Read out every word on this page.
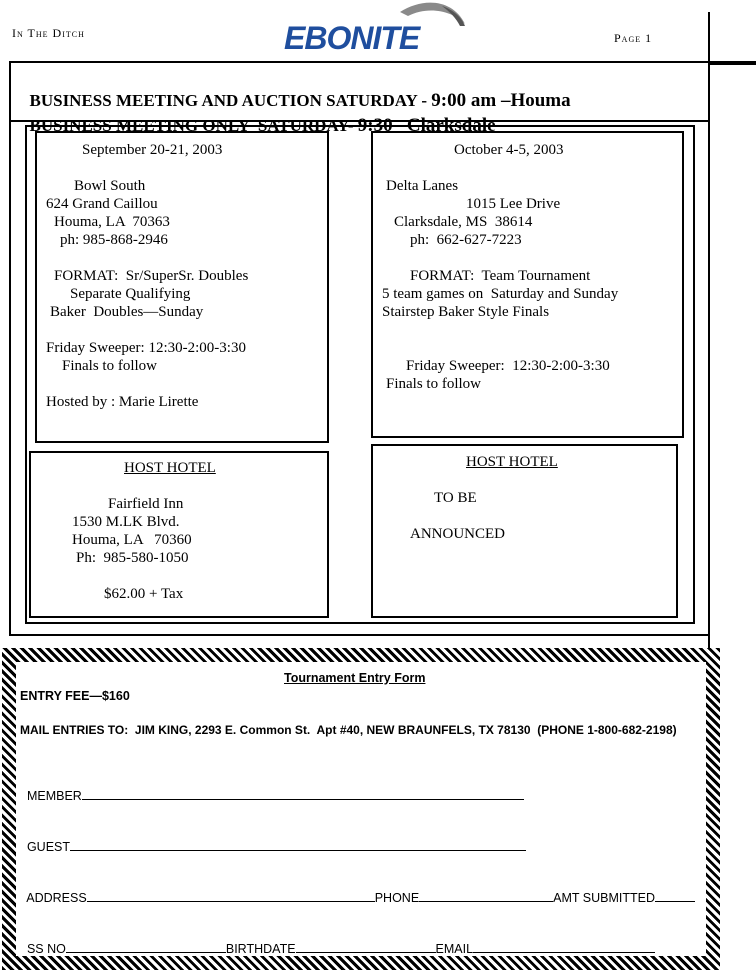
In The Ditch	EBONITE	Page 1

BUSINESS MEETING AND AUCTION SATURDAY - 9:00 am –Houma

BUSINESS MEETING ONLY  SATURDAY- 9:30 –Clarksdale

September 20-21, 2003
Bowl South
624 Grand Caillou
Houma, LA  70363
ph: 985-868-2946
FORMAT:  Sr/SuperSr. Doubles
Separate Qualifying
Baker  Doubles—Sunday
Friday Sweeper: 12:30-2:00-3:30
Finals to follow
Hosted by : Marie Lirette
October 4-5, 2003
Delta Lanes
1015 Lee Drive
Clarksdale, MS  38614
ph:  662-627-7223
FORMAT:  Team Tournament
5 team games on  Saturday and Sunday
Stairstep Baker Style Finals
Friday Sweeper:  12:30-2:00-3:30
Finals to follow
HOST HOTEL
Fairfield Inn
1530 M.LK Blvd.
Houma, LA   70360
Ph:  985-580-1050
$62.00 + Tax
HOST HOTEL
TO BE
ANNOUNCED
Tournament Entry Form
ENTRY FEE—$160
MAIL ENTRIES TO:  JIM KING, 2293 E. Common St.  Apt #40, NEW BRAUNFELS, TX 78130  (PHONE 1-800-682-2198)

MEMBER

GUEST

ADDRESS	PHONE	AMT SUBMITTED

SS NO	BIRTHDATE	EMAIL
